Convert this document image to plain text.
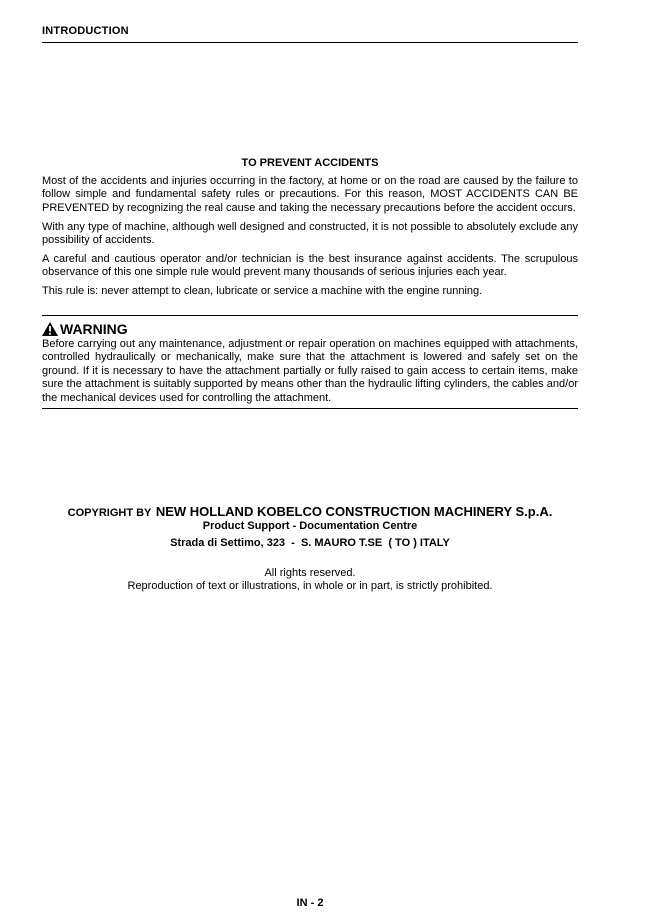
INTRODUCTION
TO PREVENT ACCIDENTS
Most of the accidents and injuries occurring in the factory, at home or on the road are caused by the failure to follow simple and fundamental safety rules or precautions. For this reason, MOST ACCIDENTS CAN BE PREVENTED by recognizing the real cause and taking the necessary precautions before the accident occurs.
With any type of machine, although well designed and constructed, it is not possible to absolutely exclude any possibility of accidents.
A careful and cautious operator and/or technician is the best insurance against accidents. The scrupulous observance of this one simple rule would prevent many thousands of serious injuries each year.
This rule is: never attempt to clean, lubricate or service a machine with the engine running.
WARNING
Before carrying out any maintenance, adjustment or repair operation on machines equipped with attachments, controlled hydraulically or mechanically, make sure that the attachment is lowered and safely set on the ground. If it is necessary to have the attachment partially or fully raised to gain access to certain items, make sure the attachment is suitably supported by means other than the hydraulic lifting cylinders, the cables and/or the mechanical devices used for controlling the attachment.
COPYRIGHT BY NEW HOLLAND KOBELCO CONSTRUCTION MACHINERY S.p.A.
Product Support - Documentation Centre
Strada di Settimo, 323  -  S. MAURO T.SE  ( TO ) ITALY
All rights reserved.
Reproduction of text or illustrations, in whole or in part, is strictly prohibited.
IN - 2
